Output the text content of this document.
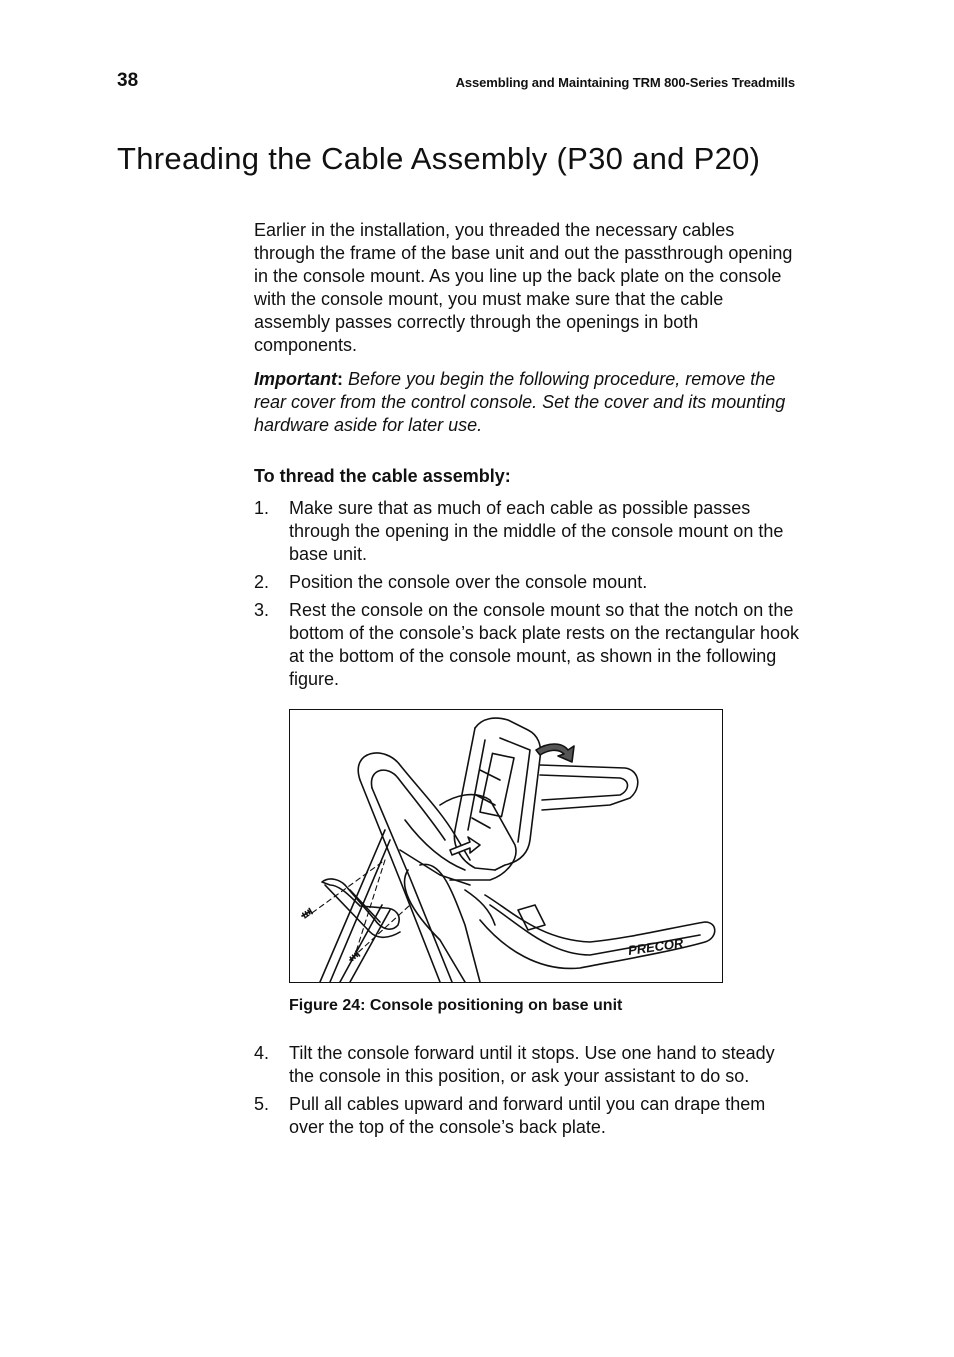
38	Assembling and Maintaining TRM 800-Series Treadmills
Threading the Cable Assembly (P30 and P20)

Earlier in the installation, you threaded the necessary cables through the frame of the base unit and out the passthrough opening in the console mount. As you line up the back plate on the console with the console mount, you must make sure that the cable assembly passes correctly through the openings in both components.

Important: Before you begin the following procedure, remove the rear cover from the control console. Set the cover and its mounting hardware aside for later use.

To thread the cable assembly:
1. Make sure that as much of each cable as possible passes through the opening in the middle of the console mount on the base unit.
2. Position the console over the console mount.
3. Rest the console on the console mount so that the notch on the bottom of the console’s back plate rests on the rectangular hook at the bottom of the console mount, as shown in the following figure.
PRECOR
Figure 24: Console positioning on base unit
4. Tilt the console forward until it stops. Use one hand to steady the console in this position, or ask your assistant to do so.
5. Pull all cables upward and forward until you can drape them over the top of the console’s back plate.
